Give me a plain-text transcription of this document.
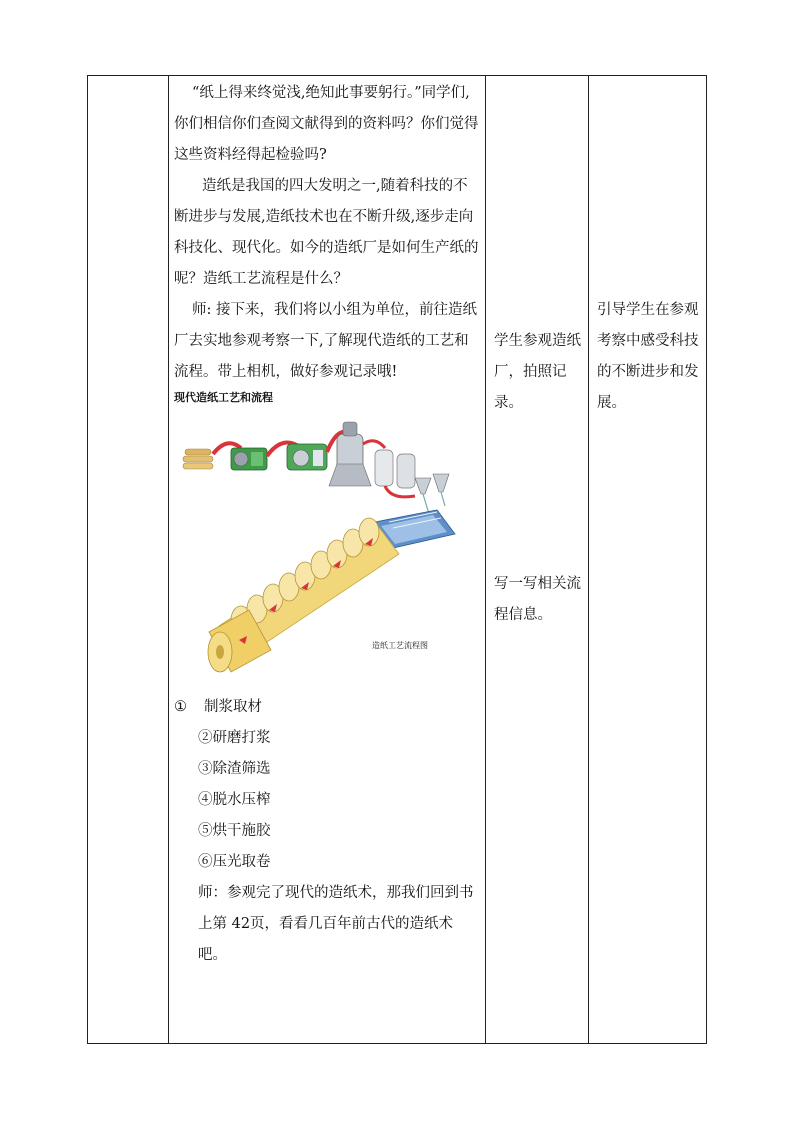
“纸上得来终觉浅,绝知此事要躬行。”同学们,你们相信你们查阅文献得到的资料吗？你们觉得这些资料经得起检验吗?

造纸是我国的四大发明之一,随着科技的不断进步与发展,造纸技术也在不断升级,逐步走向科技化、现代化。如今的造纸厂是如何生产纸的呢？造纸工艺流程是什么？

师: 接下来，我们将以小组为单位，前往造纸厂去实地参观考察一下,了解现代造纸的工艺和流程。带上相机，做好参观记录哦!

现代造纸工艺和流程

造纸工艺流程图

① 制浆取材

②研磨打浆

③除渣筛选

④脱水压榨

⑤烘干施胶

⑥压光取卷

师：参观完了现代的造纸术，那我们回到书上第 42页，看看几百年前古代的造纸术吧。

学生参观造纸厂，拍照记录。

写一写相关流程信息。

引导学生在参观考察中感受科技的不断进步和发展。
